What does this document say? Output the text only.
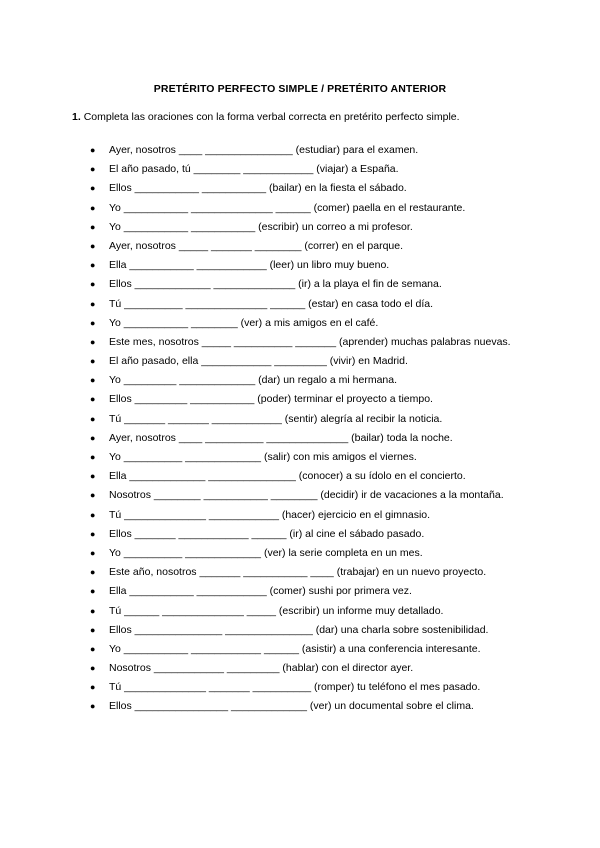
PRETÉRITO PERFECTO SIMPLE / PRETÉRITO ANTERIOR
1. Completa las oraciones con la forma verbal correcta en pretérito perfecto simple.
● Ayer, nosotros ____ _______________ (estudiar) para el examen.
● El año pasado, tú ________ ____________ (viajar) a España.
● Ellos ___________ ___________ (bailar) en la fiesta el sábado.
● Yo ___________ ______________ ______ (comer) paella en el restaurante.
● Yo ___________ ___________ (escribir) un correo a mi profesor.
● Ayer, nosotros _____ _______ ________ (correr) en el parque.
● Ella ___________ ____________ (leer) un libro muy bueno.
● Ellos _____________ ______________ (ir) a la playa el fin de semana.
● Tú __________ ______________ ______ (estar) en casa todo el día.
● Yo ___________ ________ (ver) a mis amigos en el café.
● Este mes, nosotros _____ __________ _______ (aprender) muchas palabras nuevas.
● El año pasado, ella ____________ _________ (vivir) en Madrid.
● Yo _________ _____________ (dar) un regalo a mi hermana.
● Ellos _________ ___________ (poder) terminar el proyecto a tiempo.
● Tú _______ _______ ____________ (sentir) alegría al recibir la noticia.
● Ayer, nosotros ____ __________ ______________ (bailar) toda la noche.
● Yo __________ _____________ (salir) con mis amigos el viernes.
● Ella _____________ _______________ (conocer) a su ídolo en el concierto.
● Nosotros ________ ___________ ________ (decidir) ir de vacaciones a la montaña.
● Tú ______________ ____________ (hacer) ejercicio en el gimnasio.
● Ellos _______ ____________ ______ (ir) al cine el sábado pasado.
● Yo __________ _____________ (ver) la serie completa en un mes.
● Este año, nosotros _______ ___________ ____ (trabajar) en un nuevo proyecto.
● Ella ___________ ____________ (comer) sushi por primera vez.
● Tú ______ ______________ _____ (escribir) un informe muy detallado.
● Ellos _______________ _______________ (dar) una charla sobre sostenibilidad.
● Yo ___________ ____________ ______ (asistir) a una conferencia interesante.
● Nosotros ____________ _________ (hablar) con el director ayer.
● Tú ______________ _______ __________ (romper) tu teléfono el mes pasado.
● Ellos ________________ _____________ (ver) un documental sobre el clima.
